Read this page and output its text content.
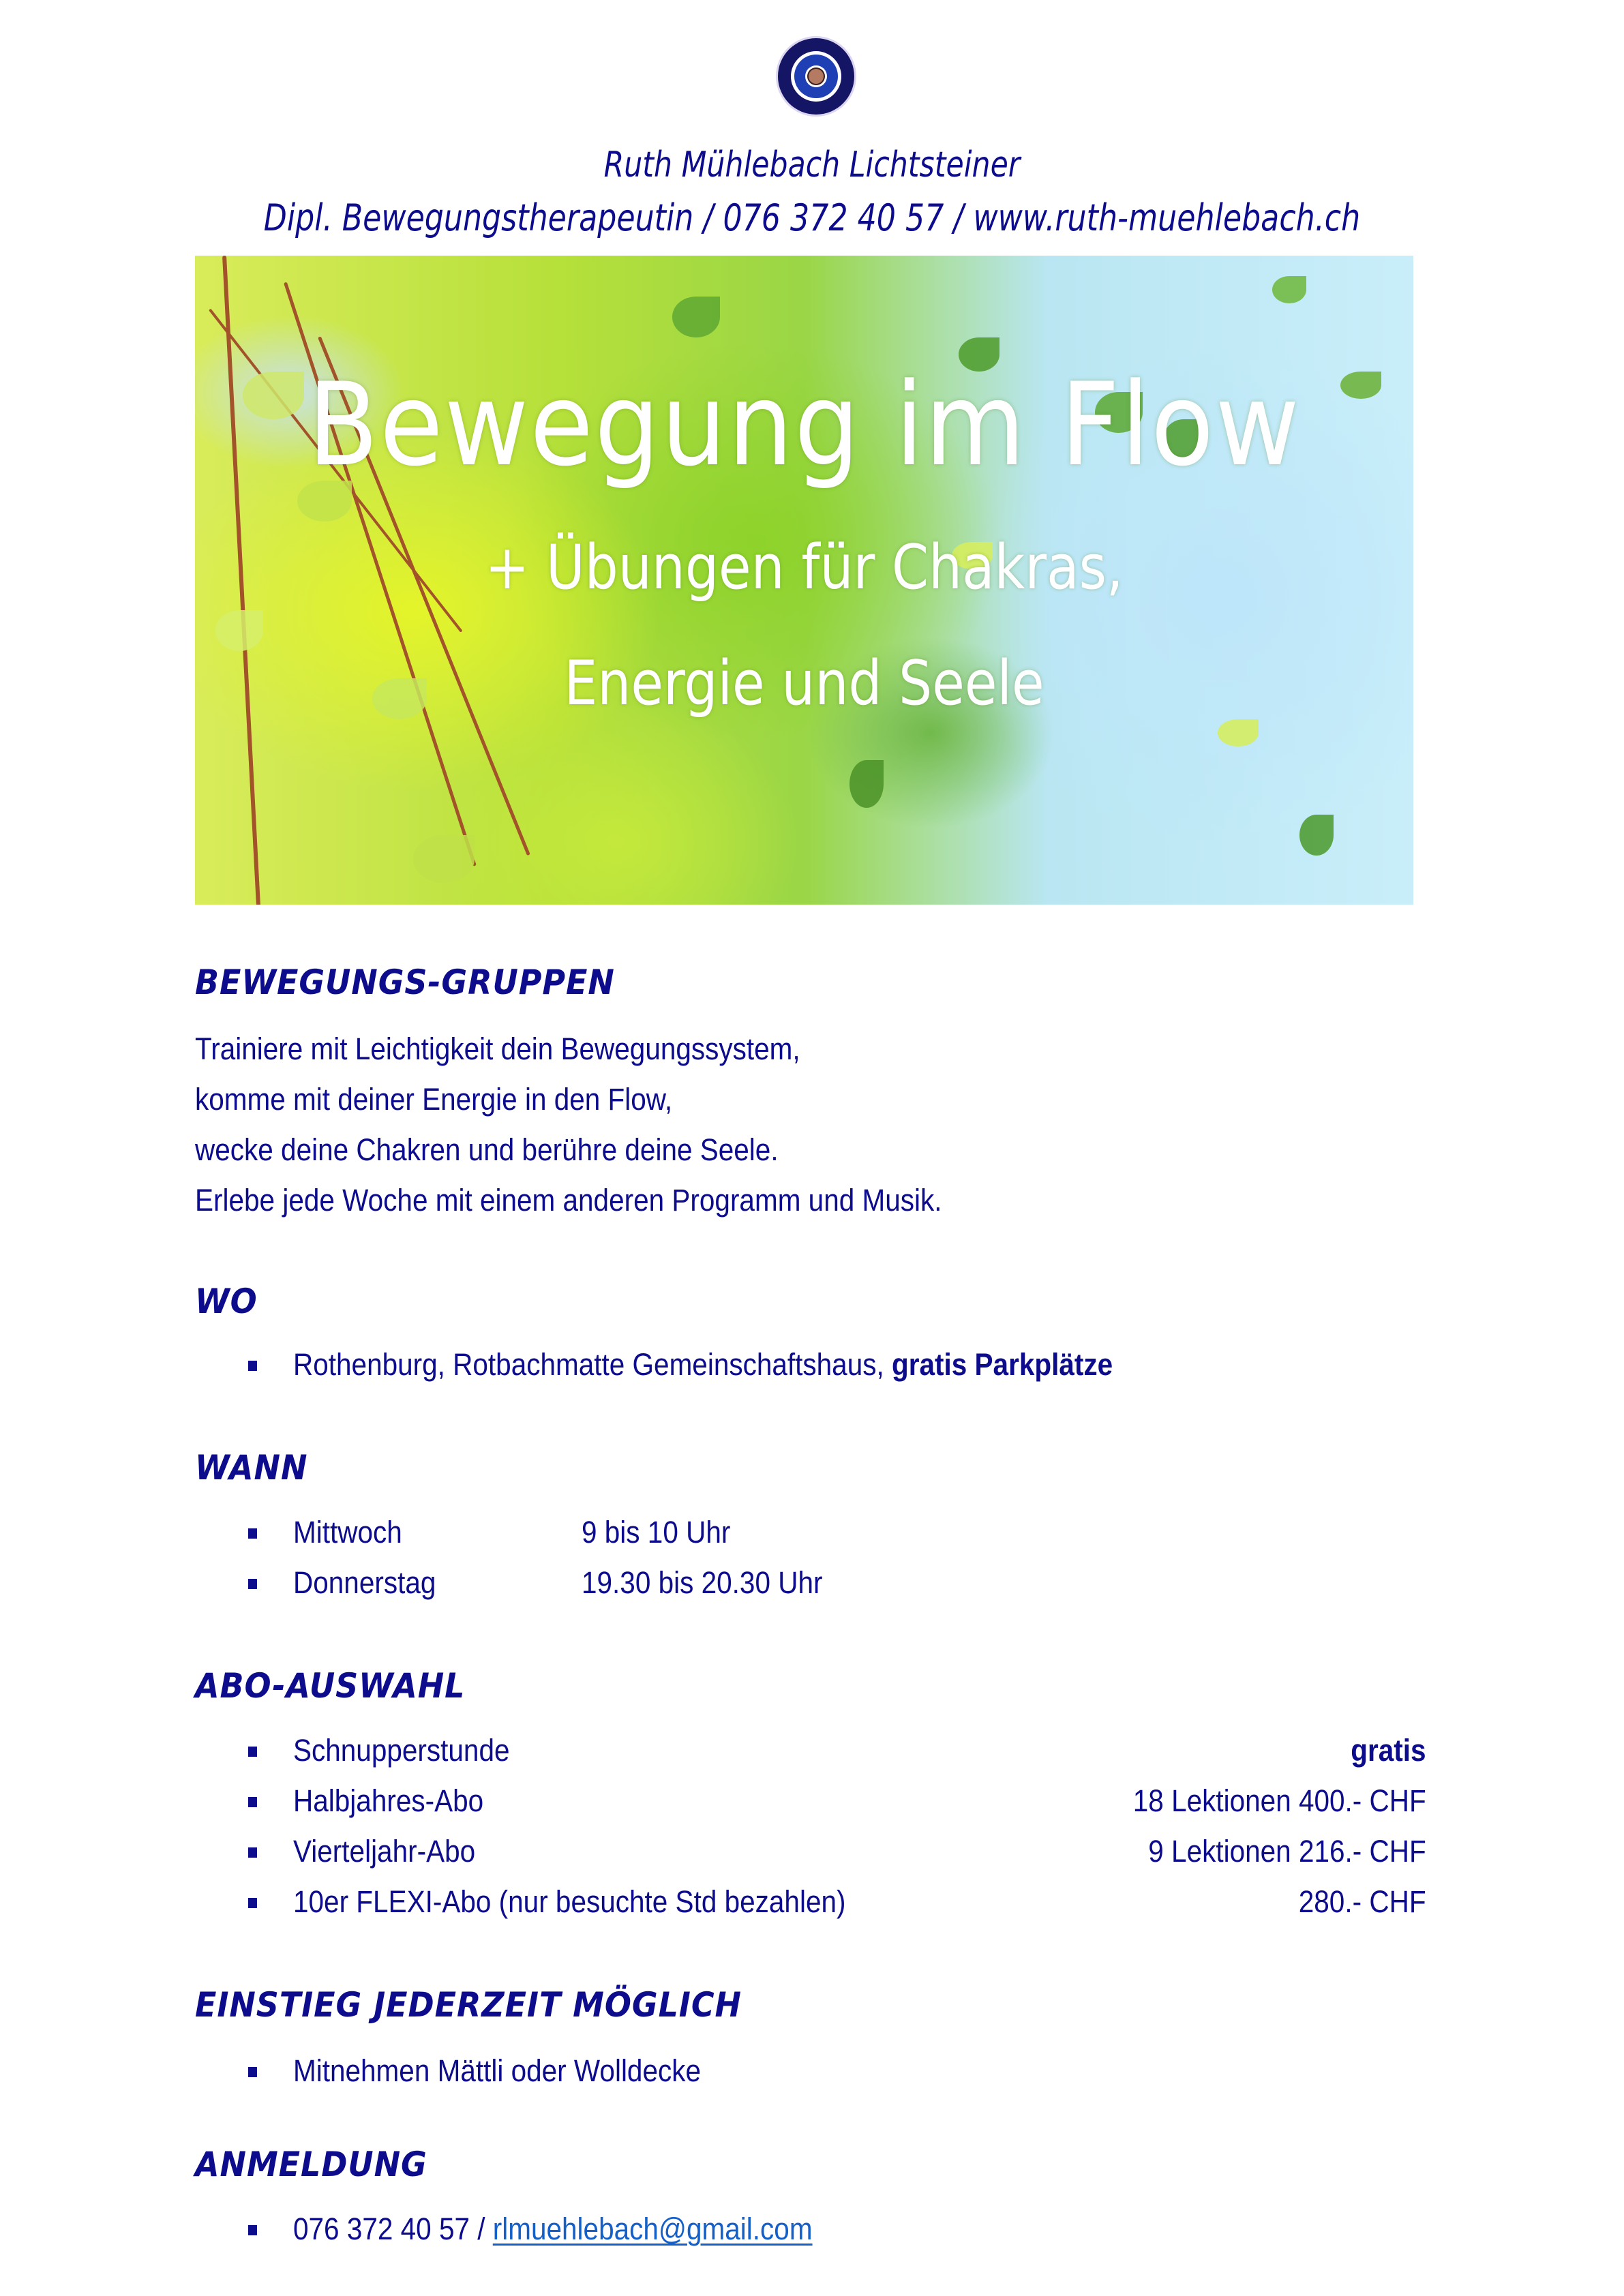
Ruth Mühlebach Lichtsteiner
Dipl. Bewegungstherapeutin / 076 372 40 57 / www.ruth-muehlebach.ch
Bewegung im Flow
+ Übungen für Chakras,
Energie und Seele
BEWEGUNGS-GRUPPEN
Trainiere mit Leichtigkeit dein Bewegungssystem,
komme mit deiner Energie in den Flow,
wecke deine Chakren und berühre deine Seele.
Erlebe jede Woche mit einem anderen Programm und Musik.
WO
Rothenburg, Rotbachmatte Gemeinschaftshaus, gratis Parkplätze
WANN
Mittwoch	9 bis 10 Uhr
Donnerstag	19.30 bis 20.30 Uhr
ABO-AUSWAHL
Schnupperstunde	gratis
Halbjahres-Abo	18 Lektionen 400.- CHF
Vierteljahr-Abo	9 Lektionen 216.- CHF
10er FLEXI-Abo (nur besuchte Std bezahlen)	280.- CHF
EINSTIEG JEDERZEIT MÖGLICH
Mitnehmen Mättli oder Wolldecke
ANMELDUNG
076 372 40 57 / rlmuehlebach@gmail.com
